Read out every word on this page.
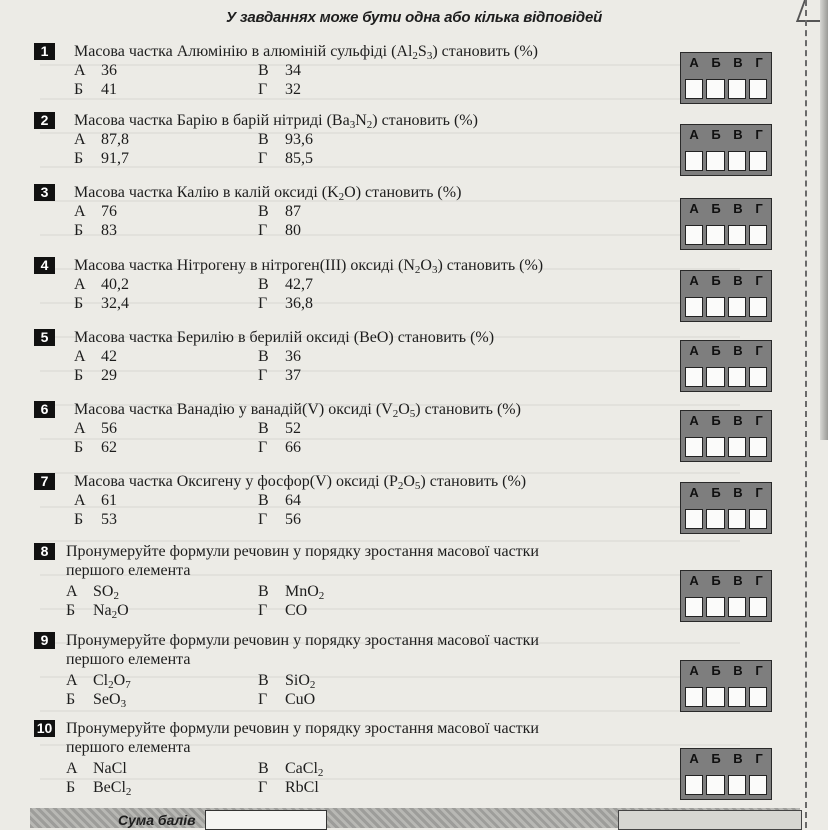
У завданнях може бути одна або кілька відповідей
1	Масова частка Алюмінію в алюміній сульфіді $(Al_2S_3)$ становить (%)
А 36
Б 41
В 34
Г 32
А Б В Г
2	Масова частка Барію в барій нітриді $(Ba_3N_2)$ становить (%)
А 87,8
Б 91,7
В 93,6
Г 85,5
А Б В Г
3	Масова частка Калію в калій оксиді $(K_2O)$ становить (%)
А 76
Б 83
В 87
Г 80
А Б В Г
4	Масова частка Нітрогену в нітроген(III) оксиді $(N_2O_3)$ становить (%)
А 40,2
Б 32,4
В 42,7
Г 36,8
А Б В Г
5	Масова частка Берилію в берилій оксиді (BeO) становить (%)
А 42
Б 29
В 36
Г 37
А Б В Г
6	Масова частка Ванадію у ванадій(V) оксиді $(V_2O_5)$ становить (%)
А 56
Б 62
В 52
Г 66
А Б В Г
7	Масова частка Оксигену у фосфор(V) оксиді $(P_2O_5)$ становить (%)
А 61
Б 53
В 64
Г 56
А Б В Г
8	Пронумеруйте формули речовин у порядку зростання масової частки
першого елемента
А $SO_2$
Б $Na_2O$
В MnO$_2$
Г CO
А Б В Г
9	Пронумеруйте формули речовин у порядку зростання масової частки
першого елемента
А $Cl_2O_7$
Б SeO$_3$
В SiO$_2$
Г CuO
А Б В Г
10 Пронумеруйте формули речовин у порядку зростання масової частки
першого елемента
А NaCl
Б BeCl$_2$
В CaCl$_2$
Г RbCl
А Б В Г
Сума балів
